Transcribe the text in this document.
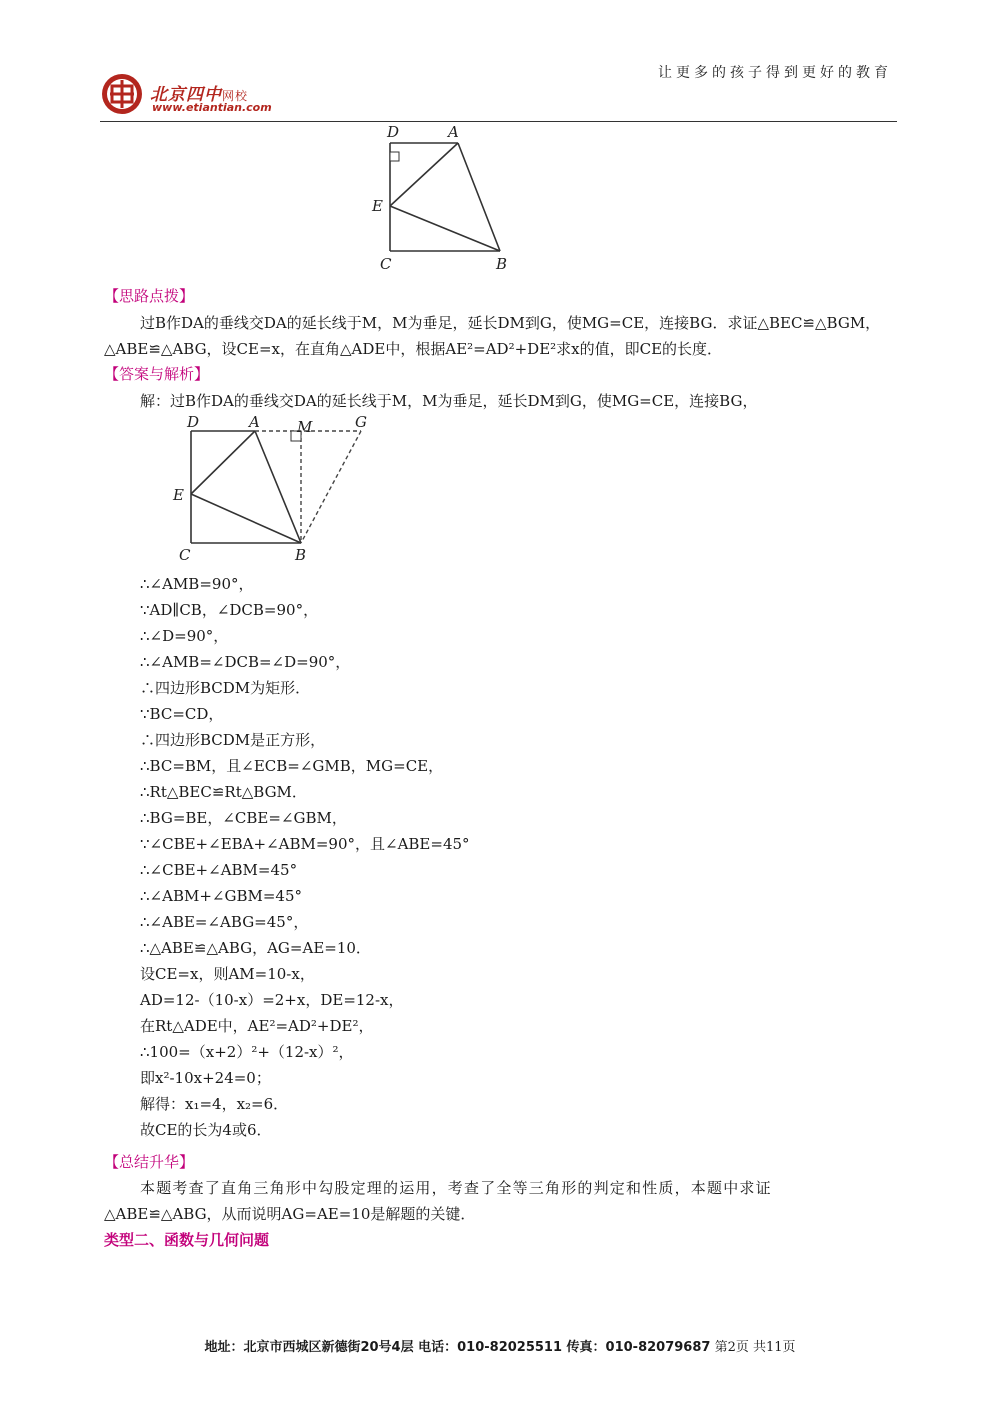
北京四中网校
www.etiantian.com
让更多的孩子得到更好的教育
D	A
E
C	B
【思路点拨】
过B作DA的垂线交DA的延长线于M，M为垂足，延长DM到G，使MG=CE，连接BG．求证△BEC≌△BGM，
△ABE≌△ABG，设CE=x，在直角△ADE中，根据AE²=AD²+DE²求x的值，即CE的长度．
【答案与解析】
解：过B作DA的垂线交DA的延长线于M，M为垂足，延长DM到G，使MG=CE，连接BG，
D	A M	G
E
C	B
∴∠AMB=90°，
∵AD∥CB，∠DCB=90°，
∴∠D=90°，
∴∠AMB=∠DCB=∠D=90°，
∴四边形BCDM为矩形．
∵BC=CD，
∴四边形BCDM是正方形，
∴BC=BM，且∠ECB=∠GMB，MG=CE，
∴Rt△BEC≌Rt△BGM．
∴BG=BE，∠CBE=∠GBM，
∵∠CBE+∠EBA+∠ABM=90°，且∠ABE=45°
∴∠CBE+∠ABM=45°
∴∠ABM+∠GBM=45°
∴∠ABE=∠ABG=45°，
∴△ABE≌△ABG，AG=AE=10．
设CE=x，则AM=10-x，
AD=12-（10-x）=2+x，DE=12-x，
在Rt△ADE中，AE²=AD²+DE²，
∴100=（x+2）²+（12-x）²，
即x²-10x+24=0；
解得：x₁=4，x₂=6．
故CE的长为4或6．
【总结升华】
本题考查了直角三角形中勾股定理的运用，考查了全等三角形的判定和性质，本题中求证
△ABE≌△ABG，从而说明AG=AE=10是解题的关键．
类型二、函数与几何问题
地址：北京市西城区新德街20号4层 电话：010-82025511 传真：010-82079687 第2页 共11页
